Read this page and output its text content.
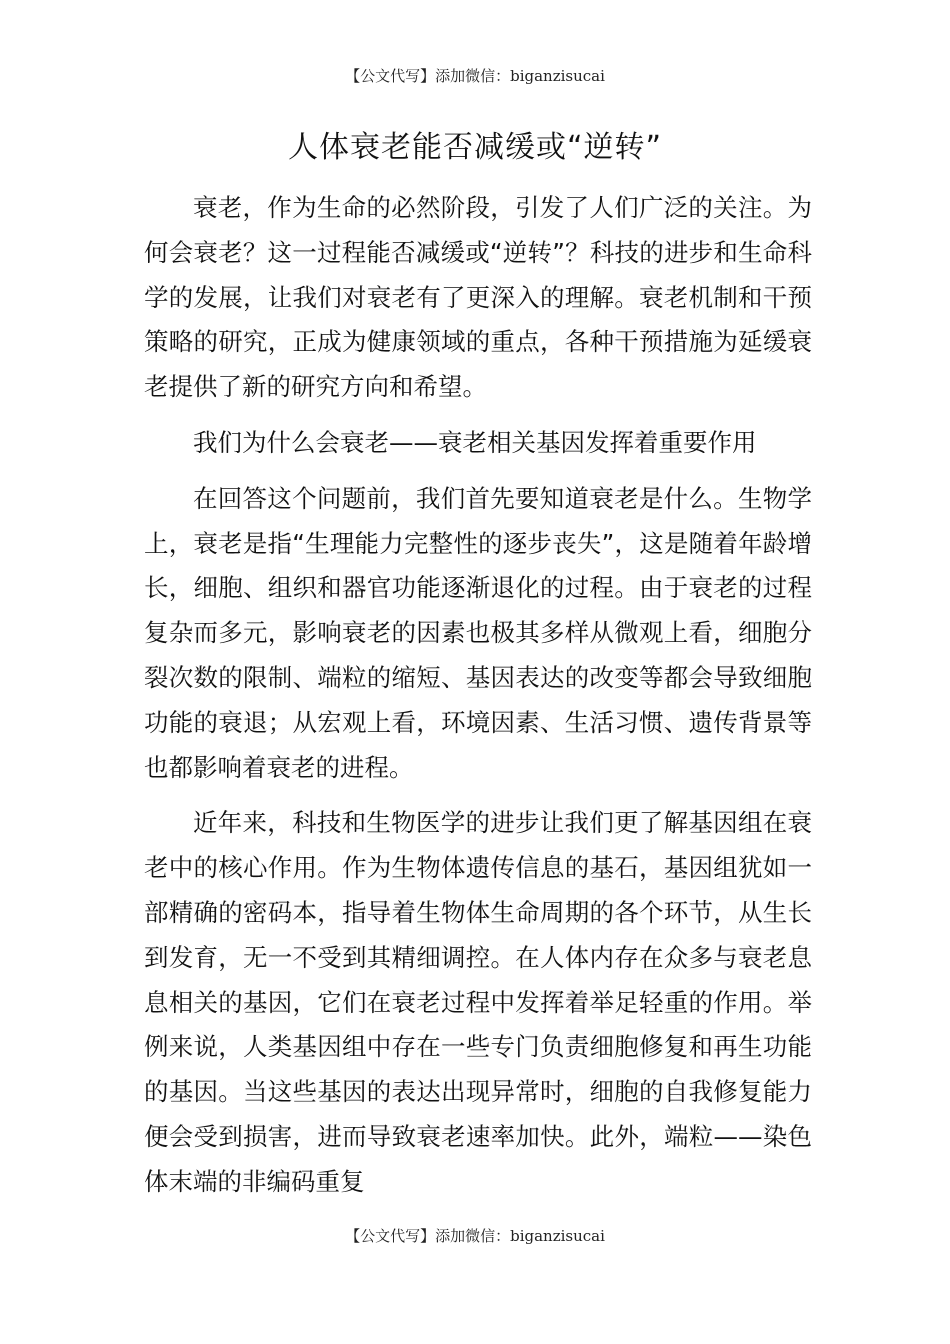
【公文代写】添加微信：biganzisucai
人体衰老能否减缓或“逆转”

衰老，作为生命的必然阶段，引发了人们广泛的关注。为何会衰老？这一过程能否减缓或“逆转”？科技的进步和生命科学的发展，让我们对衰老有了更深入的理解。衰老机制和干预策略的研究，正成为健康领域的重点，各种干预措施为延缓衰老提供了新的研究方向和希望。

我们为什么会衰老——衰老相关基因发挥着重要作用

在回答这个问题前，我们首先要知道衰老是什么。生物学上，衰老是指“生理能力完整性的逐步丧失”，这是随着年龄增长，细胞、组织和器官功能逐渐退化的过程。由于衰老的过程复杂而多元，影响衰老的因素也极其多样从微观上看，细胞分裂次数的限制、端粒的缩短、基因表达的改变等都会导致细胞功能的衰退；从宏观上看，环境因素、生活习惯、遗传背景等也都影响着衰老的进程。

近年来，科技和生物医学的进步让我们更了解基因组在衰老中的核心作用。作为生物体遗传信息的基石，基因组犹如一部精确的密码本，指导着生物体生命周期的各个环节，从生长到发育，无一不受到其精细调控。在人体内存在众多与衰老息息相关的基因，它们在衰老过程中发挥着举足轻重的作用。举例来说，人类基因组中存在一些专门负责细胞修复和再生功能的基因。当这些基因的表达出现异常时，细胞的自我修复能力便会受到损害，进而导致衰老速率加快。此外，端粒——染色体末端的非编码重复

【公文代写】添加微信：biganzisucai
